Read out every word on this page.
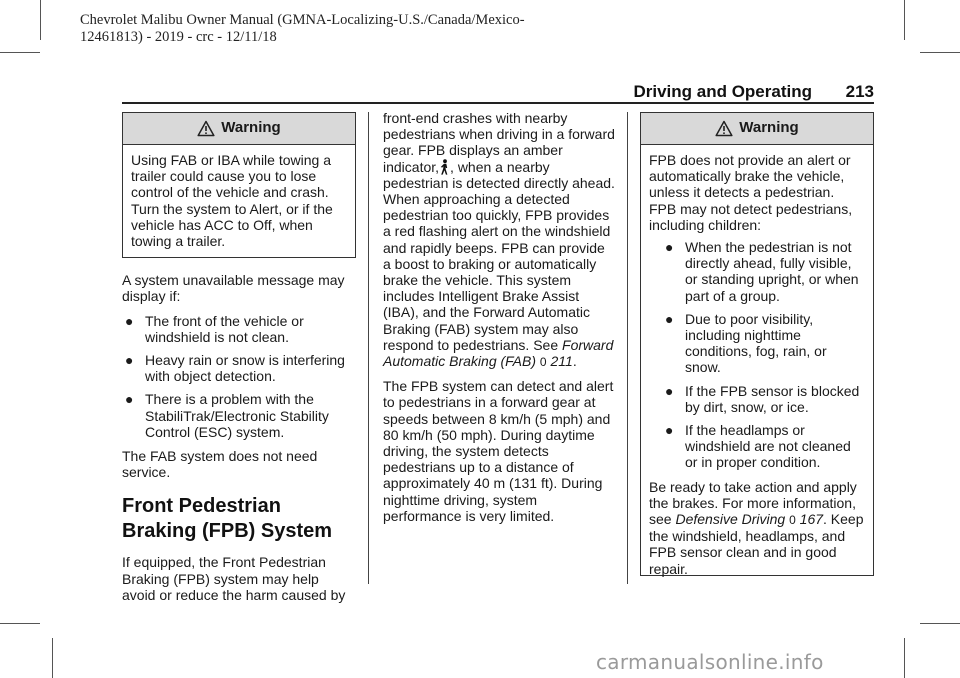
Chevrolet Malibu Owner Manual (GMNA-Localizing-U.S./Canada/Mexico-
12461813) - 2019 - crc - 12/11/18
Driving and Operating 213
Warning

Using FAB or IBA while towing a trailer could cause you to lose control of the vehicle and crash. Turn the system to Alert, or if the vehicle has ACC to Off, when towing a trailer.

A system unavailable message may display if:

● The front of the vehicle or windshield is not clean.
● Heavy rain or snow is interfering with object detection.
● There is a problem with the StabiliTrak/Electronic Stability Control (ESC) system.

The FAB system does not need service.

Front Pedestrian Braking (FPB) System

If equipped, the Front Pedestrian Braking (FPB) system may help avoid or reduce the harm caused by

front-end crashes with nearby pedestrians when driving in a forward gear. FPB displays an amber indicator, , when a nearby pedestrian is detected directly ahead. When approaching a detected pedestrian too quickly, FPB provides a red flashing alert on the windshield and rapidly beeps. FPB can provide a boost to braking or automatically brake the vehicle. This system includes Intelligent Brake Assist (IBA), and the Forward Automatic Braking (FAB) system may also respond to pedestrians. See Forward Automatic Braking (FAB) 0 211.

The FPB system can detect and alert to pedestrians in a forward gear at speeds between 8 km/h (5 mph) and 80 km/h (50 mph). During daytime driving, the system detects pedestrians up to a distance of approximately 40 m (131 ft). During nighttime driving, system performance is very limited.

Warning

FPB does not provide an alert or automatically brake the vehicle, unless it detects a pedestrian. FPB may not detect pedestrians, including children:

● When the pedestrian is not directly ahead, fully visible, or standing upright, or when part of a group.
● Due to poor visibility, including nighttime conditions, fog, rain, or snow.
● If the FPB sensor is blocked by dirt, snow, or ice.
● If the headlamps or windshield are not cleaned or in proper condition.

Be ready to take action and apply the brakes. For more information, see Defensive Driving 0 167. Keep the windshield, headlamps, and FPB sensor clean and in good repair.

carmanualsonline.info
